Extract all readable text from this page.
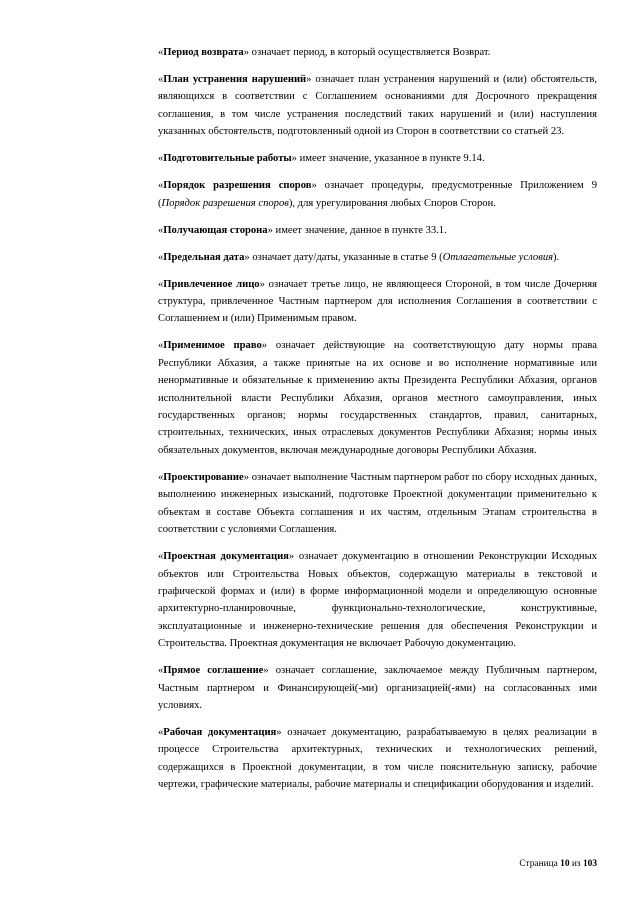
«Период возврата» означает период, в который осуществляется Возврат.

«План устранения нарушений» означает план устранения нарушений и (или) обстоятельств, являющихся в соответствии с Соглашением основаниями для Досрочного прекращения соглашения, в том числе устранения последствий таких нарушений и (или) наступления указанных обстоятельств, подготовленный одной из Сторон в соответствии со статьей 23.

«Подготовительные работы» имеет значение, указанное в пункте 9.14.

«Порядок разрешения споров» означает процедуры, предусмотренные Приложением 9 (Порядок разрешения споров), для урегулирования любых Споров Сторон.

«Получающая сторона» имеет значение, данное в пункте 33.1.

«Предельная дата» означает дату/даты, указанные в статье 9 (Отлагательные условия).

«Привлеченное лицо» означает третье лицо, не являющееся Стороной, в том числе Дочерняя структура, привлеченное Частным партнером для исполнения Соглашения в соответствии с Соглашением и (или) Применимым правом.

«Применимое право» означает действующие на соответствующую дату нормы права Республики Абхазия, а также принятые на их основе и во исполнение нормативные или ненормативные и обязательные к применению акты Президента Республики Абхазия, органов исполнительной власти Республики Абхазия, органов местного самоуправления, иных государственных органов; нормы государственных стандартов, правил, санитарных, строительных, технических, иных отраслевых документов Республики Абхазия; нормы иных обязательных документов, включая международные договоры Республики Абхазия.

«Проектирование» означает выполнение Частным партнером работ по сбору исходных данных, выполнению инженерных изысканий, подготовке Проектной документации применительно к объектам в составе Объекта соглашения и их частям, отдельным Этапам строительства в соответствии с условиями Соглашения.

«Проектная документация» означает документацию в отношении Реконструкции Исходных объектов или Строительства Новых объектов, содержащую материалы в текстовой и графической формах и (или) в форме информационной модели и определяющую основные архитектурно-планировочные, функционально-технологические, конструктивные, эксплуатационные и инженерно-технические решения для обеспечения Реконструкции и Строительства. Проектная документация не включает Рабочую документацию.

«Прямое соглашение» означает соглашение, заключаемое между Публичным партнером, Частным партнером и Финансирующей(-ми) организацией(-ями) на согласованных ими условиях.

«Рабочая документация» означает документацию, разрабатываемую в целях реализации в процессе Строительства архитектурных, технических и технологических решений, содержащихся в Проектной документации, в том числе пояснительную записку, рабочие чертежи, графические материалы, рабочие материалы и спецификации оборудования и изделий.

Страница 10 из 103
